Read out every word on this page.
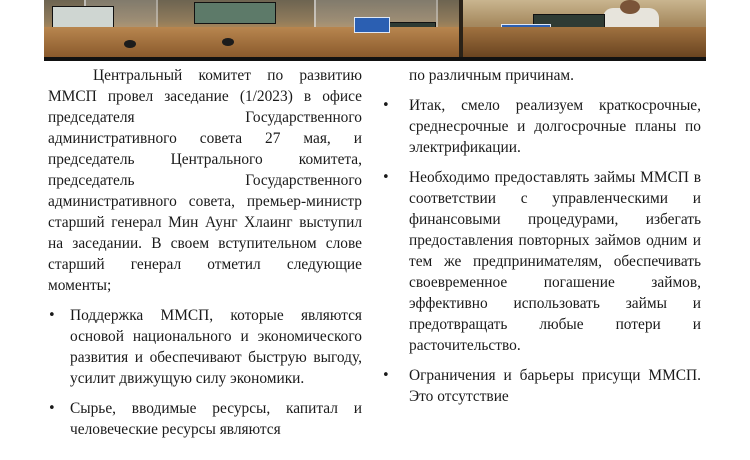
Центральный комитет по развитию ММСП провел заседание (1/2023) в офисе председателя Государственного административного совета 27 мая, и председатель Центрального комитета, председатель Государственного административного совета, премьер-министр старший генерал Мин Аунг Хлаинг выступил на заседании. В своем вступительном слове старший генерал отметил следующие моменты;

• Поддержка ММСП, которые являются основой национального и экономического развития и обеспечивают быструю выгоду, усилит движущую силу экономики.
• Сырье, вводимые ресурсы, капитал и человеческие ресурсы являются

по различным причинам.

• Итак, смело реализуем краткосрочные, среднесрочные и долгосрочные планы по электрификации.
• Необходимо предоставлять займы ММСП в соответствии с управленческими и финансовыми процедурами, избегать предоставления повторных займов одним и тем же предпринимателям, обеспечивать своевременное погашение займов, эффективно использовать займы и предотвращать любые потери и расточительство.
• Ограничения и барьеры присущи ММСП. Это отсутствие
